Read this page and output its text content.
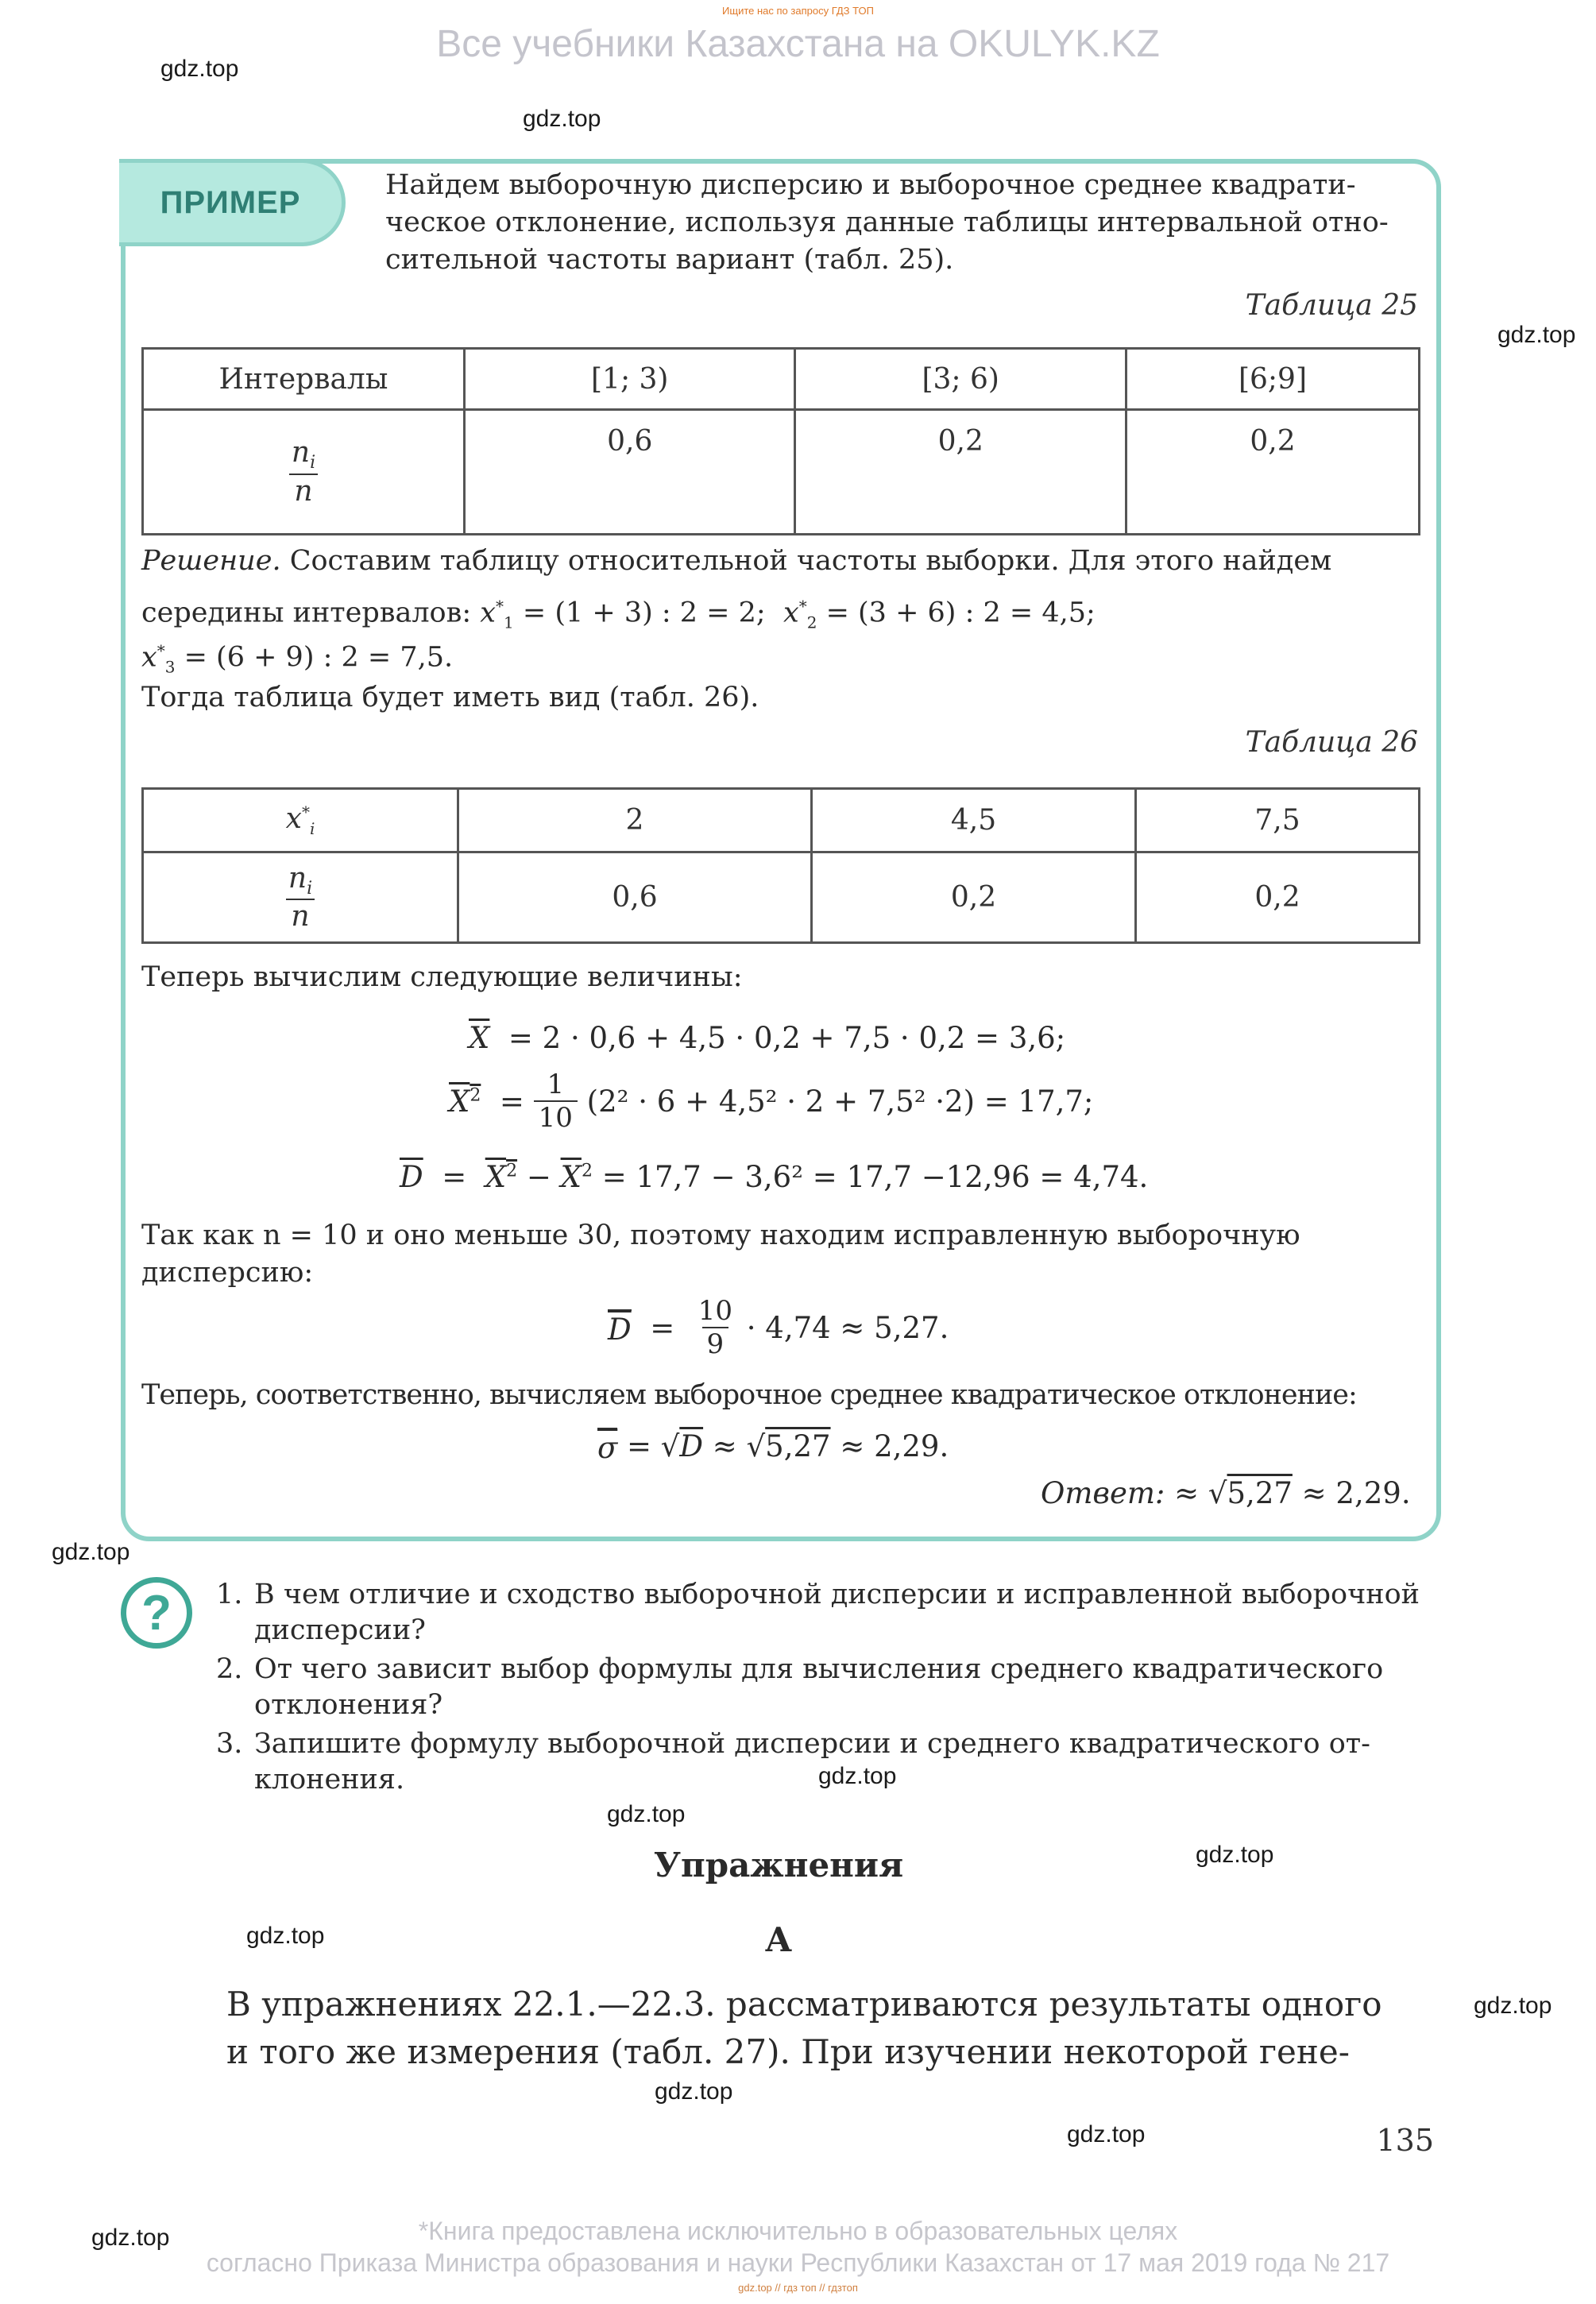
Ищите нас по запросу ГДЗ ТОП
Все учебники Казахстана на OKULYK.KZ
gdz.top
gdz.top
gdz.top
gdz.top
gdz.top
gdz.top
gdz.top
gdz.top
gdz.top
gdz.top
gdz.top
gdz.top
ПРИМЕР	Найдем выборочную дисперсию и выборочное среднее квадрати-
ческое отклонение, используя данные таблицы интервальной отно-
сительной частоты вариант (табл. 25).
Таблица 25
Интервалы	[1; 3)	[3; 6)	[6;9]

$\frac{n_i}{n}$	0,6	0,2	0,2
Решение. Составим таблицу относительной частоты выборки. Для этого найдем
середины интервалов: $x^*_1 = (1 + 3)$ : 2 = 2; $x^*_2 = (3 + 6)$ : 2 = 4,5;
$x^*_3 = (6 + 9)$ : 2 = 7,5.
Тогда таблица будет иметь вид (табл. 26).
Таблица 26
$x^*_i$	2	4,5	7,5

$\frac{n_i}{n}$	0,6	0,2	0,2
Теперь вычислим следующие величины:
$\overline{X} = 2 \cdot 0,6 + 4,5 \cdot 0,2 + 7,5 \cdot 0,2 = 3,6$;
$X^2 = \frac{1}{10}$
(2² · 6 + 4,5² · 2 + 7,5² ·2) = 17,7;
$\overline{D} = X^2 - \overline{X}^2 = 17,7 - 3,6^2 = 17,7 -12,96 = 4,74$.
Так как n = 10 и оно меньше 30, поэтому находим исправленную выборочную
дисперсию:
$\overline{D} = \frac{10}{9}$
· 4,74 ≈ 5,27.
Теперь, соответственно, вычисляем выборочное среднее квадратическое отклонение:
$\overline{\sigma}$ = √ D ≈ √ 5,27
≈ 2,29.
Ответ: ≈ √ 5,27
≈ 2,29.
?	1. В чем отличие и сходство выборочной дисперсии и исправленной выборочной
дисперсии?
2. От чего зависит выбор формулы для вычисления среднего квадратического
отклонения?
3. Запишите формулу выборочной дисперсии и среднего квадратического от-
клонения.
Упражнения
А
В упражнениях 22.1.—22.3. рассматриваются результаты одного
и того же измерения (табл. 27). При изучении некоторой гене-
135
*Книга предоставлена исключительно в образовательных целях
согласно Приказа Министра образования и науки Республики Казахстан от 17 мая 2019 года № 217
gdz.top // гдз топ // гдзтоп
